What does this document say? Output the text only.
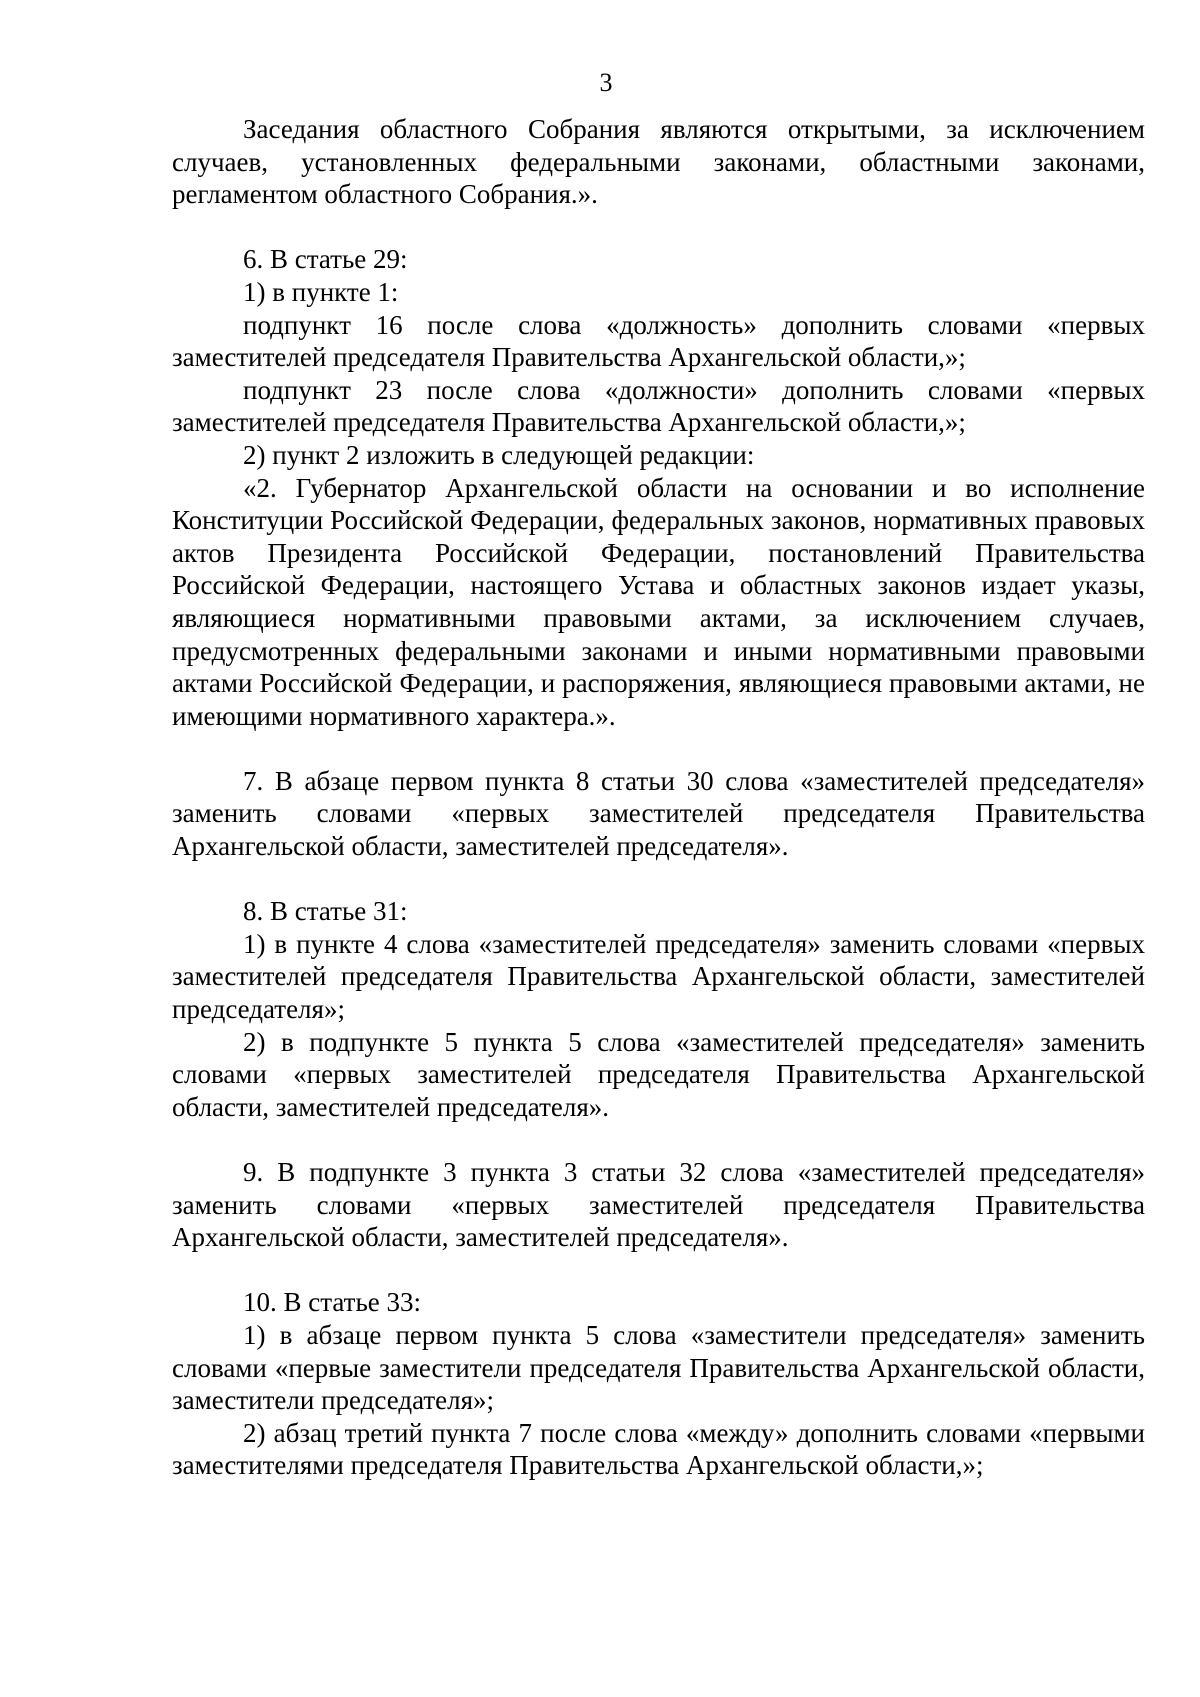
3

Заседания областного Собрания являются открытыми, за исключением случаев, установленных федеральными законами, областными законами, регламентом областного Собрания.».

6. В статье 29:

1) в пункте 1:

подпункт 16 после слова «должность» дополнить словами «первых заместителей председателя Правительства Архангельской области,»;

подпункт 23 после слова «должности» дополнить словами «первых заместителей председателя Правительства Архангельской области,»;

2) пункт 2 изложить в следующей редакции:

«2. Губернатор Архангельской области на основании и во исполнение Конституции Российской Федерации, федеральных законов, нормативных правовых актов Президента Российской Федерации, постановлений Правительства Российской Федерации, настоящего Устава и областных законов издает указы, являющиеся нормативными правовыми актами, за исключением случаев, предусмотренных федеральными законами и иными нормативными правовыми актами Российской Федерации, и распоряжения, являющиеся правовыми актами, не имеющими нормативного характера.».

7. В абзаце первом пункта 8 статьи 30 слова «заместителей председателя» заменить словами «первых заместителей председателя Правительства Архангельской области, заместителей председателя».

8. В статье 31:

1) в пункте 4 слова «заместителей председателя» заменить словами «первых заместителей председателя Правительства Архангельской области, заместителей председателя»;

2) в подпункте 5 пункта 5 слова «заместителей председателя» заменить словами «первых заместителей председателя Правительства Архангельской области, заместителей председателя».

9. В подпункте 3 пункта 3 статьи 32 слова «заместителей председателя» заменить словами «первых заместителей председателя Правительства Архангельской области, заместителей председателя».

10. В статье 33:

1) в абзаце первом пункта 5 слова «заместители председателя» заменить словами «первые заместители председателя Правительства Архангельской области, заместители председателя»;

2) абзац третий пункта 7 после слова «между» дополнить словами «первыми заместителями председателя Правительства Архангельской области,»;
